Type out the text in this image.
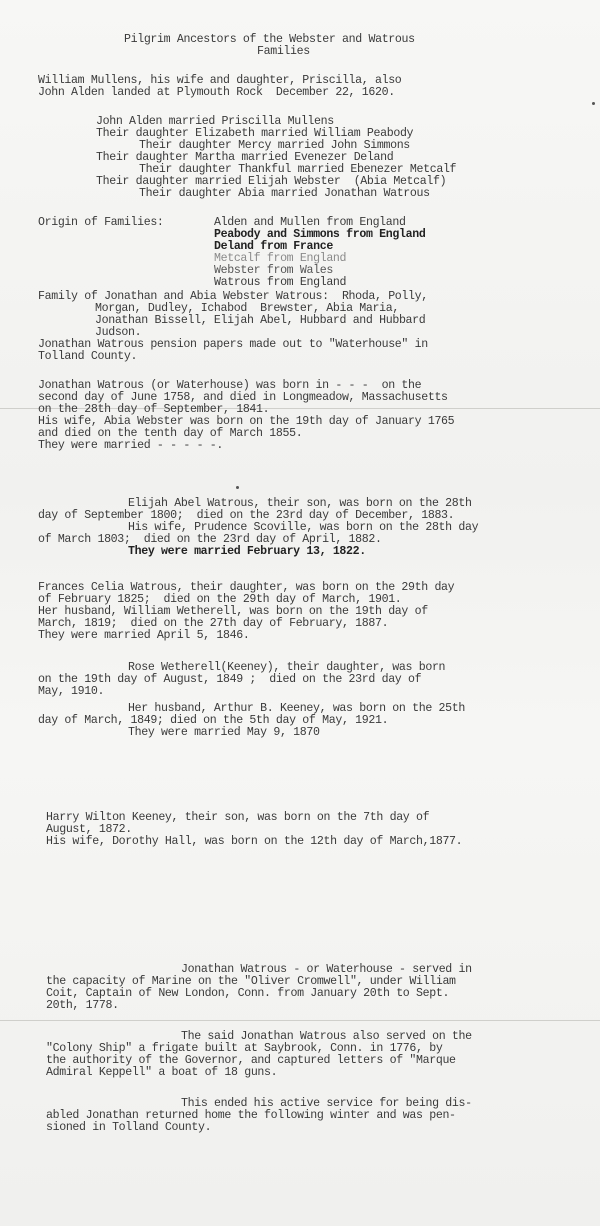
Pilgrim Ancestors of the Webster and Watrous
Families
William Mullens, his wife and daughter, Priscilla, also
John Alden landed at Plymouth Rock  December 22, 1620.
John Alden married Priscilla Mullens
Their daughter Elizabeth married William Peabody
Their daughter Mercy married John Simmons
Their daughter Martha married Evenezer Deland
Their daughter Thankful married Ebenezer Metcalf
Their daughter married Elijah Webster  (Abia Metcalf)
Their daughter Abia married Jonathan Watrous
Origin of Families:	Alden and Mullen from England
Peabody and Simmons from England
Deland from France
Metcalf from England
Webster from Wales
Watrous from England
Family of Jonathan and Abia Webster Watrous:  Rhoda, Polly,
Morgan, Dudley, Ichabod  Brewster, Abia Maria,
Jonathan Bissell, Elijah Abel, Hubbard and Hubbard
Judson.
Jonathan Watrous pension papers made out to "Waterhouse" in
Tolland County.
Jonathan Watrous (or Waterhouse) was born in - - -  on the
second day of June 1758, and died in Longmeadow, Massachusetts
on the 28th day of September, 1841.
His wife, Abia Webster was born on the 19th day of January 1765
and died on the tenth day of March 1855.
They were married - - - - -.
Elijah Abel Watrous, their son, was born on the 28th
day of September 1800;  died on the 23rd day of December, 1883.
His wife, Prudence Scoville, was born on the 28th day
of March 1803;  died on the 23rd day of April, 1882.
They were married February 13, 1822.
Frances Celia Watrous, their daughter, was born on the 29th day
of February 1825;  died on the 29th day of March, 1901.
Her husband, William Wetherell, was born on the 19th day of
March, 1819;  died on the 27th day of February, 1887.
They were married April 5, 1846.
Rose Wetherell(Keeney), their daughter, was born
on the 19th day of August, 1849 ;  died on the 23rd day of
May, 1910.
Her husband, Arthur B. Keeney, was born on the 25th
day of March, 1849; died on the 5th day of May, 1921.
They were married May 9, 1870
Harry Wilton Keeney, their son, was born on the 7th day of
August, 1872.
His wife, Dorothy Hall, was born on the 12th day of March,1877.
Jonathan Watrous - or Waterhouse - served in
the capacity of Marine on the "Oliver Cromwell", under William
Coit, Captain of New London, Conn. from January 20th to Sept.
20th, 1778.
The said Jonathan Watrous also served on the
"Colony Ship" a frigate built at Saybrook, Conn. in 1776, by
the authority of the Governor, and captured letters of "Marque
Admiral Keppell" a boat of 18 guns.
This ended his active service for being dis-
abled Jonathan returned home the following winter and was pen-
sioned in Tolland County.
